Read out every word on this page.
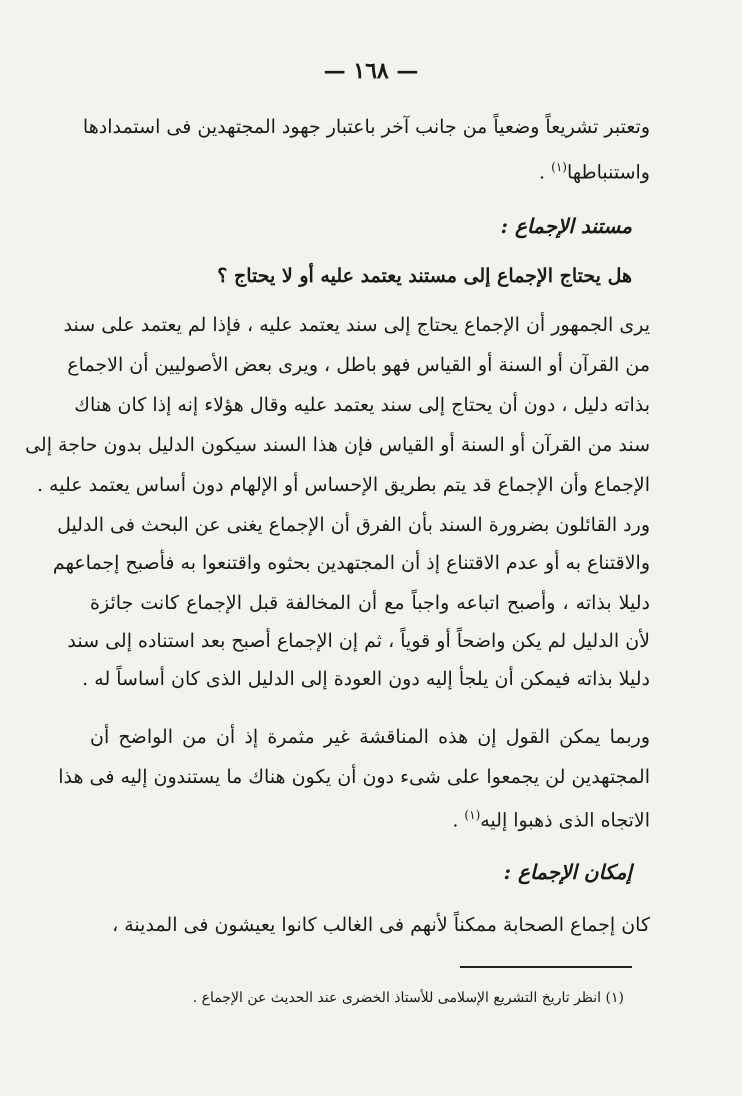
— ١٦٨ —
وتعتبر تشريعاً وضعياً من جانب آخر باعتبار جهود المجتهدين فى استمدادها
واستنباطها$^{(١)}$ .
مستند الإجماع :
هل يحتاج الإجماع إلى مستند يعتمد عليه أو لا يحتاج ؟
يرى الجمهور أن الإجماع يحتاج إلى سند يعتمد عليه ، فإذا لم يعتمد على سند
من القرآن أو السنة أو القياس فهو باطل ، ويرى بعض الأصوليين أن الاجماع
بذاته دليل ، دون أن يحتاج إلى سند يعتمد عليه وقال هؤلاء إنه إذا كان هناك
سند من القرآن أو السنة أو القياس فإن هذا السند سيكون الدليل بدون حاجة إلى
الإجماع وأن الإجماع قد يتم بطريق الإحساس أو الإلهام دون أساس يعتمد عليه .
ورد القائلون بضرورة السند بأن الفرق أن الإجماع يغنى عن البحث فى الدليل
والاقتناع به أو عدم الاقتناع إذ أن المجتهدين بحثوه واقتنعوا به فأصبح إجماعهم
دليلا بذاته ، وأصبح اتباعه واجباً مع أن المخالفة قبل الإجماع كانت جائزة
لأن الدليل لم يكن واضحاً أو قوياً ، ثم إن الإجماع أصبح بعد استناده إلى سند
دليلا بذاته فيمكن أن يلجأ إليه دون العودة إلى الدليل الذى كان أساساً له .
وربما يمكن القول إن هذه المناقشة غير مثمرة إذ أن من الواضح أن
المجتهدين لن يجمعوا على شىء دون أن يكون هناك ما يستندون إليه فى هذا
الاتجاه الذى ذهبوا إليه$^{(١)}$ .
إمكان الإجماع :
كان إجماع الصحابة ممكناً لأنهم فى الغالب كانوا يعيشون فى المدينة ،
(١) انظر تاريخ التشريع الإسلامى للأستاذ الخضرى عند الحديث عن الإجماع .
